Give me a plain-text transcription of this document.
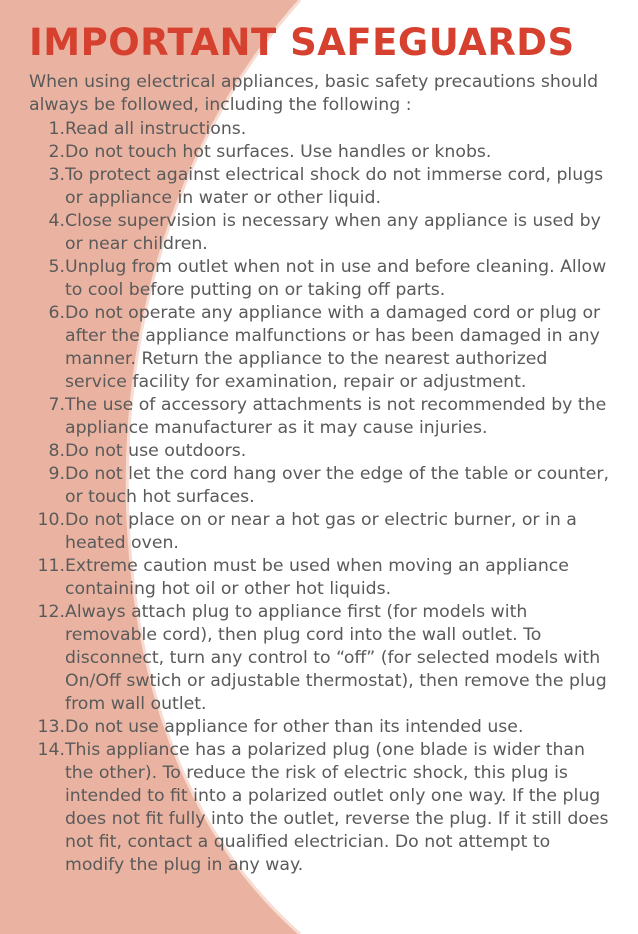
IMPORTANT SAFEGUARDS
When using electrical appliances, basic safety precautions should always be followed, including the following :
1. Read all instructions.
2. Do not touch hot surfaces. Use handles or knobs.
3. To protect against electrical shock do not immerse cord, plugs or appliance in water or other liquid.
4. Close supervision is necessary when any appliance is used by or near children.
5. Unplug from outlet when not in use and before cleaning. Allow to cool before putting on or taking off parts.
6. Do not operate any appliance with a damaged cord or plug or after the appliance malfunctions or has been damaged in any manner. Return the appliance to the nearest authorized service facility for examination, repair or adjustment.
7. The use of accessory attachments is not recommended by the appliance manufacturer as it may cause injuries.
8. Do not use outdoors.
9. Do not let the cord hang over the edge of the table or counter, or touch hot surfaces.
10. Do not place on or near a hot gas or electric burner, or in a heated oven.
11. Extreme caution must be used when moving an appliance containing hot oil or other hot liquids.
12. Always attach plug to appliance first (for models with removable cord), then plug cord into the wall outlet. To disconnect, turn any control to “off” (for selected models with On/Off swtich or adjustable thermostat), then remove the plug from wall outlet.
13. Do not use appliance for other than its intended use.
14. This appliance has a polarized plug (one blade is wider than the other). To reduce the risk of electric shock, this plug is intended to fit into a polarized outlet only one way. If the plug does not fit fully into the outlet, reverse the plug. If it still does not fit, contact a qualified electrician. Do not attempt to modify the plug in any way.
